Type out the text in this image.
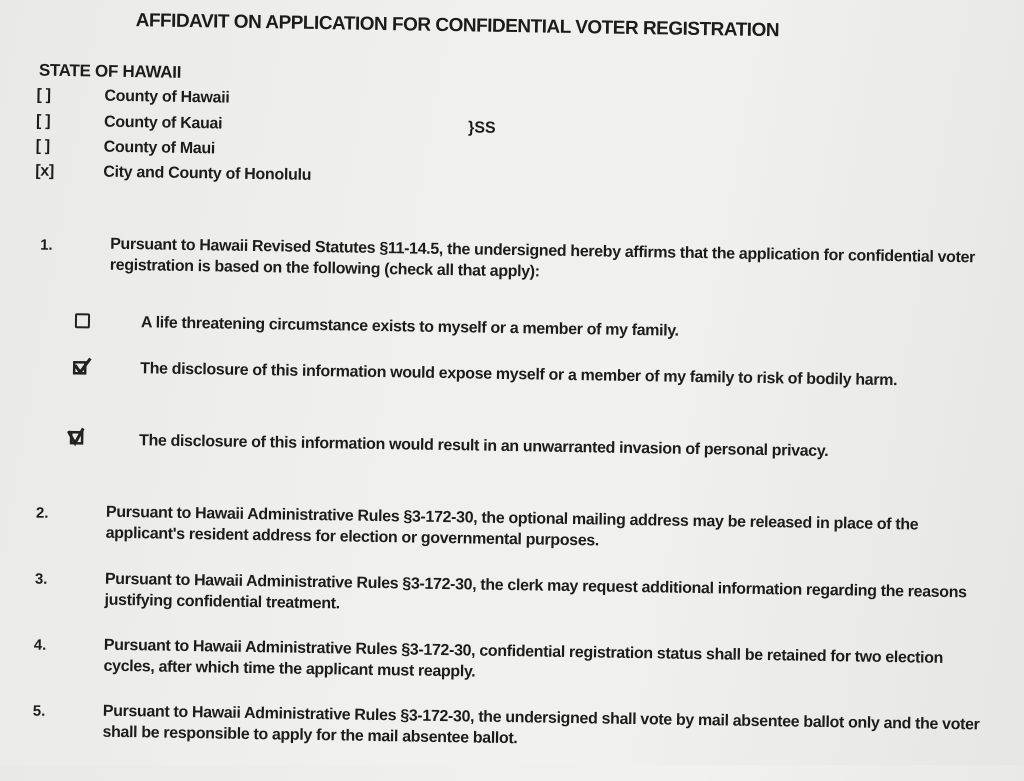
AFFIDAVIT ON APPLICATION FOR CONFIDENTIAL VOTER REGISTRATION
STATE OF HAWAII
[ ]	County of Hawaii
[ ]	County of Kauai
[ ]	County of Maui
[x]	City and County of Honolulu
}SS
1.	Pursuant to Hawaii Revised Statutes §11-14.5, the undersigned hereby affirms that the application for confidential voter registration is based on the following (check all that apply):
A life threatening circumstance exists to myself or a member of my family.
The disclosure of this information would expose myself or a member of my family to risk of bodily harm.
The disclosure of this information would result in an unwarranted invasion of personal privacy.
2.	Pursuant to Hawaii Administrative Rules §3-172-30, the optional mailing address may be released in place of the applicant's resident address for election or governmental purposes.
3.	Pursuant to Hawaii Administrative Rules §3-172-30, the clerk may request additional information regarding the reasons justifying confidential treatment.
4.	Pursuant to Hawaii Administrative Rules §3-172-30, confidential registration status shall be retained for two election cycles, after which time the applicant must reapply.
5.	Pursuant to Hawaii Administrative Rules §3-172-30, the undersigned shall vote by mail absentee ballot only and the voter shall be responsible to apply for the mail absentee ballot.
